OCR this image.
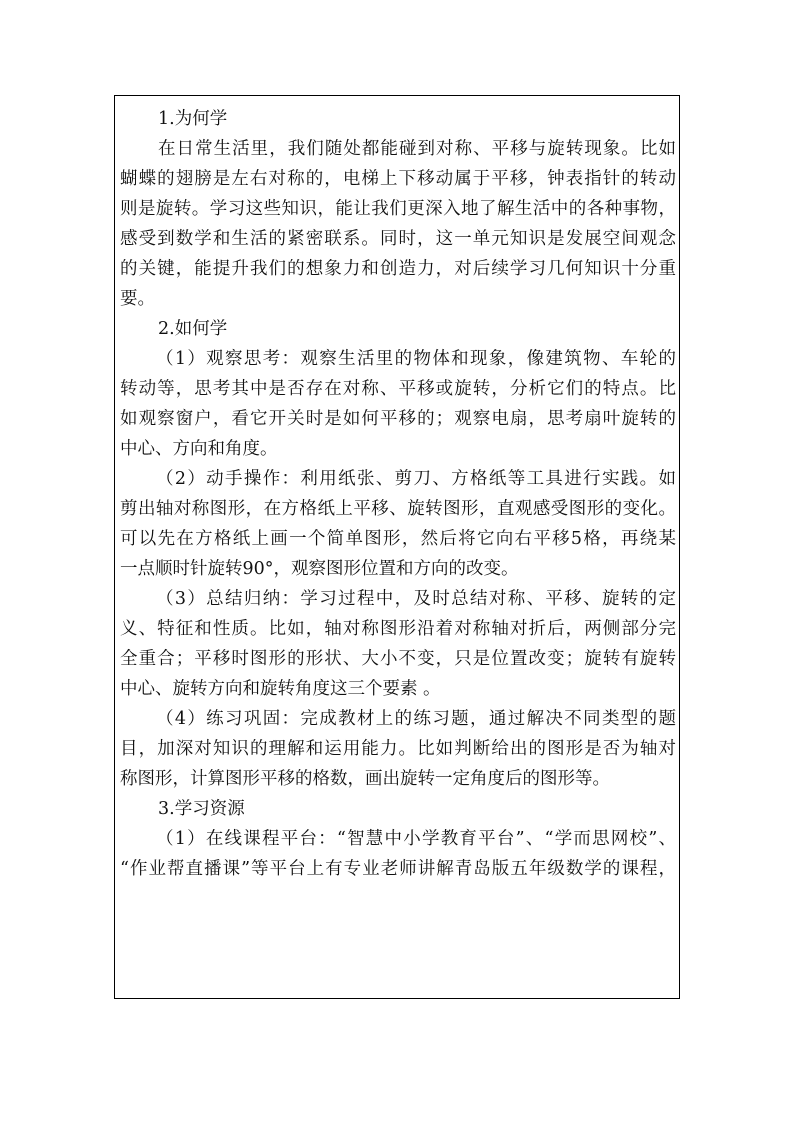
1.为何学
在日常生活里，我们随处都能碰到对称、平移与旋转现象。比如
蝴蝶的翅膀是左右对称的，电梯上下移动属于平移，钟表指针的转动
则是旋转。学习这些知识，能让我们更深入地了解生活中的各种事物，
感受到数学和生活的紧密联系。同时，这一单元知识是发展空间观念
的关键，能提升我们的想象力和创造力，对后续学习几何知识十分重
要。
2.如何学
（1）观察思考：观察生活里的物体和现象，像建筑物、车轮的
转动等，思考其中是否存在对称、平移或旋转，分析它们的特点。比
如观察窗户，看它开关时是如何平移的；观察电扇，思考扇叶旋转的
中心、方向和角度。
（2）动手操作：利用纸张、剪刀、方格纸等工具进行实践。如
剪出轴对称图形，在方格纸上平移、旋转图形，直观感受图形的变化。
可以先在方格纸上画一个简单图形，然后将它向右平移5格，再绕某
一点顺时针旋转90°，观察图形位置和方向的改变。
（3）总结归纳：学习过程中，及时总结对称、平移、旋转的定
义、特征和性质。比如，轴对称图形沿着对称轴对折后，两侧部分完
全重合；平移时图形的形状、大小不变，只是位置改变；旋转有旋转
中心、旋转方向和旋转角度这三个要素 。
（4）练习巩固：完成教材上的练习题，通过解决不同类型的题
目，加深对知识的理解和运用能力。比如判断给出的图形是否为轴对
称图形，计算图形平移的格数，画出旋转一定角度后的图形等。
3.学习资源
（1）在线课程平台：“智慧中小学教育平台”、“学而思网校”、
“作业帮直播课”等平台上有专业老师讲解青岛版五年级数学的课程，
